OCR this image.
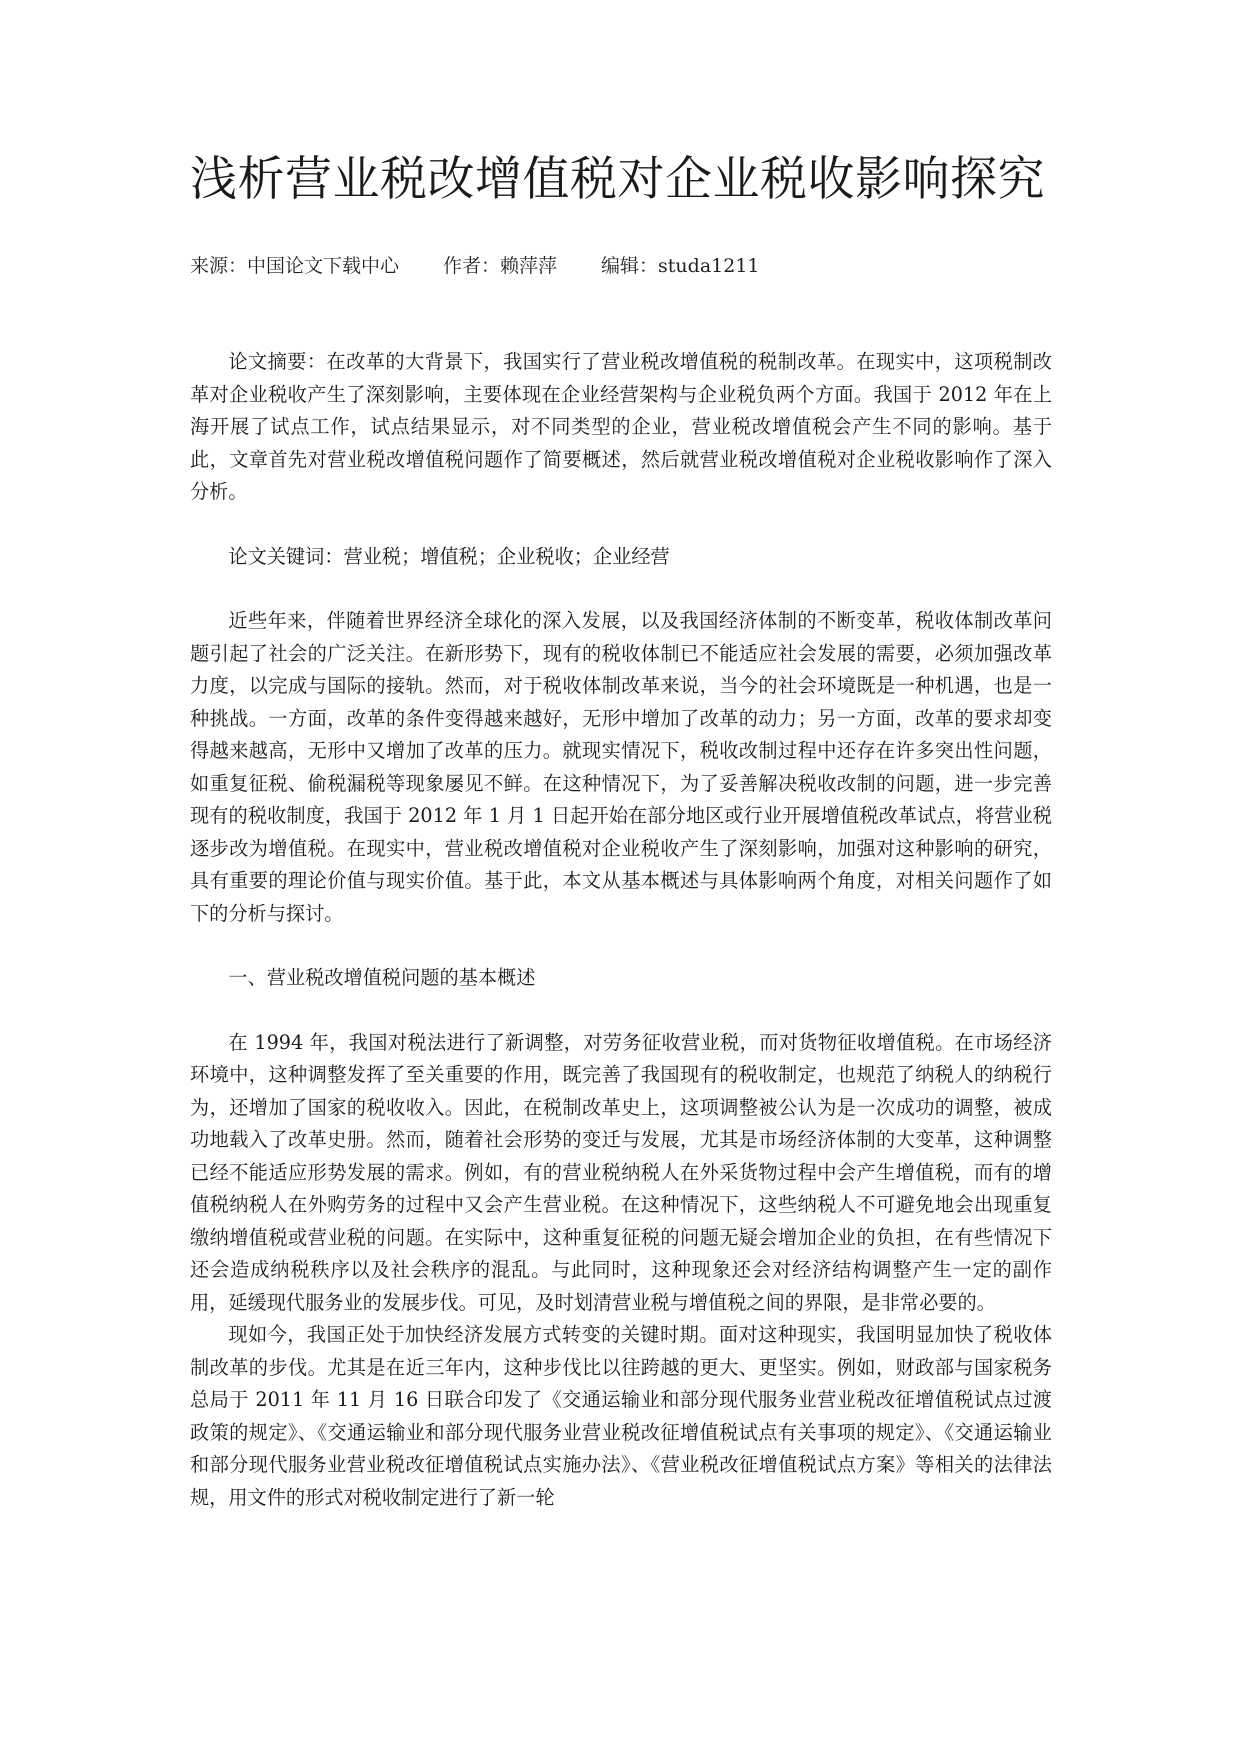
浅析营业税改增值税对企业税收影响探究
来源：中国论文下载中心 作者：赖萍萍 编辑：studa1211

论文摘要：在改革的大背景下，我国实行了营业税改增值税的税制改革。在现实中，这项税制改革对企业税收产生了深刻影响，主要体现在企业经营架构与企业税负两个方面。我国于 2012 年在上海开展了试点工作，试点结果显示，对不同类型的企业，营业税改增值税会产生不同的影响。基于此，文章首先对营业税改增值税问题作了简要概述，然后就营业税改增值税对企业税收影响作了深入分析。

论文关键词：营业税；增值税；企业税收；企业经营

近些年来，伴随着世界经济全球化的深入发展，以及我国经济体制的不断变革，税收体制改革问题引起了社会的广泛关注。在新形势下，现有的税收体制已不能适应社会发展的需要，必须加强改革力度，以完成与国际的接轨。然而，对于税收体制改革来说，当今的社会环境既是一种机遇，也是一种挑战。一方面，改革的条件变得越来越好，无形中增加了改革的动力；另一方面，改革的要求却变得越来越高，无形中又增加了改革的压力。就现实情况下，税收改制过程中还存在许多突出性问题，如重复征税、偷税漏税等现象屡见不鲜。在这种情况下，为了妥善解决税收改制的问题，进一步完善现有的税收制度，我国于 2012 年 1 月 1 日起开始在部分地区或行业开展增值税改革试点，将营业税逐步改为增值税。在现实中，营业税改增值税对企业税收产生了深刻影响，加强对这种影响的研究，具有重要的理论价值与现实价值。基于此，本文从基本概述与具体影响两个角度，对相关问题作了如下的分析与探讨。

一、营业税改增值税问题的基本概述

在 1994 年，我国对税法进行了新调整，对劳务征收营业税，而对货物征收增值税。在市场经济环境中，这种调整发挥了至关重要的作用，既完善了我国现有的税收制定，也规范了纳税人的纳税行为，还增加了国家的税收收入。因此，在税制改革史上，这项调整被公认为是一次成功的调整，被成功地载入了改革史册。然而，随着社会形势的变迁与发展，尤其是市场经济体制的大变革，这种调整已经不能适应形势发展的需求。例如，有的营业税纳税人在外采货物过程中会产生增值税，而有的增值税纳税人在外购劳务的过程中又会产生营业税。在这种情况下，这些纳税人不可避免地会出现重复缴纳增值税或营业税的问题。在实际中，这种重复征税的问题无疑会增加企业的负担，在有些情况下还会造成纳税秩序以及社会秩序的混乱。与此同时，这种现象还会对经济结构调整产生一定的副作用，延缓现代服务业的发展步伐。可见，及时划清营业税与增值税之间的界限，是非常必要的。

现如今，我国正处于加快经济发展方式转变的关键时期。面对这种现实，我国明显加快了税收体制改革的步伐。尤其是在近三年内，这种步伐比以往跨越的更大、更坚实。例如，财政部与国家税务总局于 2011 年 11 月 16 日联合印发了《交通运输业和部分现代服务业营业税改征增值税试点过渡政策的规定》、《交通运输业和部分现代服务业营业税改征增值税试点有关事项的规定》、《交通运输业和部分现代服务业营业税改征增值税试点实施办法》、《营业税改征增值税试点方案》等相关的法律法规，用文件的形式对税收制定进行了新一轮
